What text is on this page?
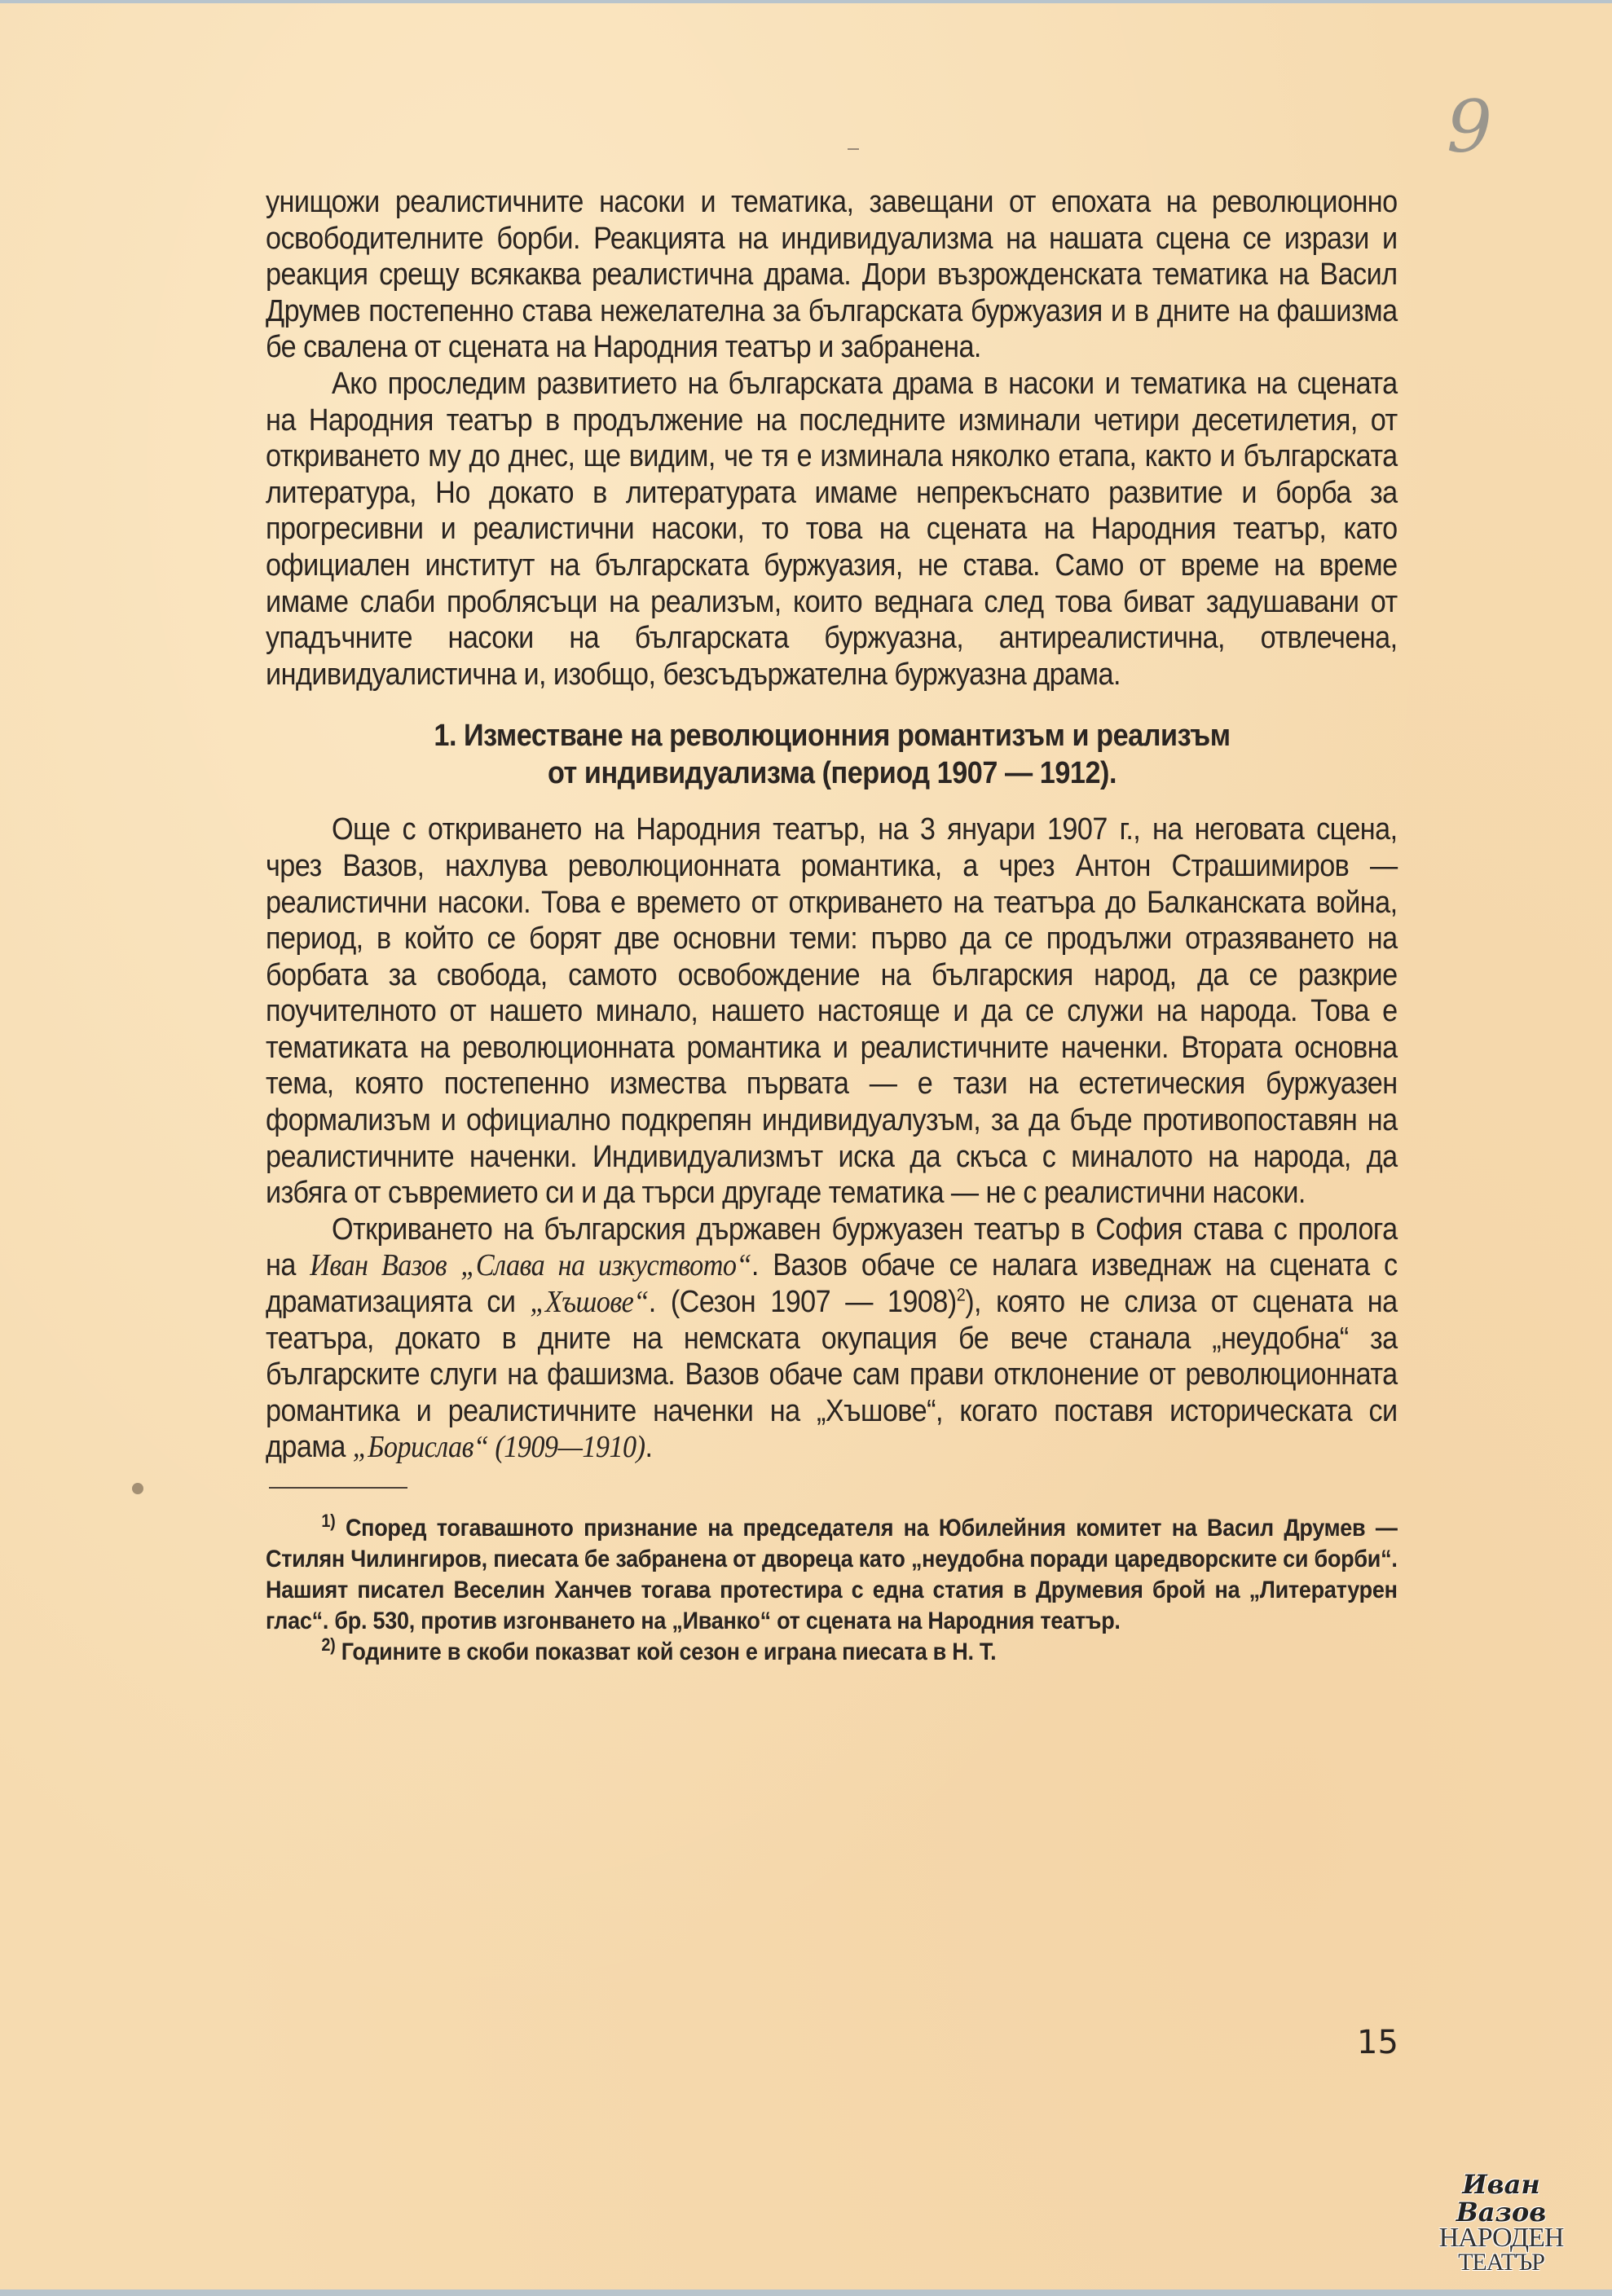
9

унищожи реалистичните насоки и тематика, завещани от епохата на революционно освободителните борби. Реакцията на индивидуализма на нашата сцена се изрази и реакция срещу всякаква реалистична драма. Дори възрожденската тематика на Васил Друмев постепенно става нежелателна за българската буржуазия и в дните на фашизма бе свалена от сцената на Народния театър и забранена.

Ако проследим развитието на българската драма в насоки и тематика на сцената на Народния театър в продължение на последните изминали четири десетилетия, от откриването му до днес, ще видим, че тя е изминала няколко етапа, както и българската литература, Но докато в литературата имаме непрекъснато развитие и борба за прогресивни и реалистични насоки, то това на сцената на Народния театър, като официален институт на българската буржуазия, не става. Само от време на време имаме слаби проблясъци на реализъм, които веднага след това биват задушавани от упадъчните насоки на българската буржуазна, антиреалистична, отвлечена, индивидуалистична и, изобщо, безсъдържателна буржуазна драма.

1. Изместване на революционния романтизъм и реализъм
от индивидуализма (период 1907 — 1912).

Още с откриването на Народния театър, на 3 януари 1907 г., на неговата сцена, чрез Вазов, нахлува революционната романтика, а чрез Антон Страшимиров — реалистични насоки. Това е времето от откриването на театъра до Балканската война, период, в който се борят две основни теми: първо да се продължи отразяването на борбата за свобода, самото освобождение на българския народ, да се разкрие поучителното от нашето минало, нашето настояще и да се служи на народа. Това е тематиката на революционната романтика и реалистичните наченки. Втората основна тема, която постепенно измества първата — е тази на естетическия буржуазен формализъм и официално подкрепян индивидуалузъм, за да бъде противопоставян на реалистичните наченки. Индивидуализмът иска да скъса с миналото на народа, да избяга от съвремието си и да търси другаде тематика — не с реалистични насоки.

Откриването на българския държавен буржуазен театър в София става с пролога на Иван Вазов „Слава на изкуството“. Вазов обаче се налага изведнаж на сцената с драматизацията си „Хъшове“. (Сезон 1907 — 1908)$^2$), която не слиза от сцената на театъра, докато в дните на немската окупация бе вече станала „неудобна“ за българските слуги на фашизма. Вазов обаче сам прави отклонение от революционната романтика и реалистичните наченки на „Хъшове“, когато поставя историческата си драма „Борислав“ (1909—1910).

$^{1)}$ Според тогавашното признание на председателя на Юбилейния комитет на Васил Друмев — Стилян Чилингиров, пиесата бе забранена от двореца като „неудобна поради царедворските си борби“. Нашият писател Веселин Ханчев тогава протестира с една статия в Друмевия брой на „Литературен глас“. бр. 530, против изгонването на „Иванко“ от сцената на Народния театър.

$^{2)}$ Годините в скоби показват кой сезон е играна пиесата в Н. Т.

15
Иван Вазов
НАРОДЕН
ТЕАТЪР
